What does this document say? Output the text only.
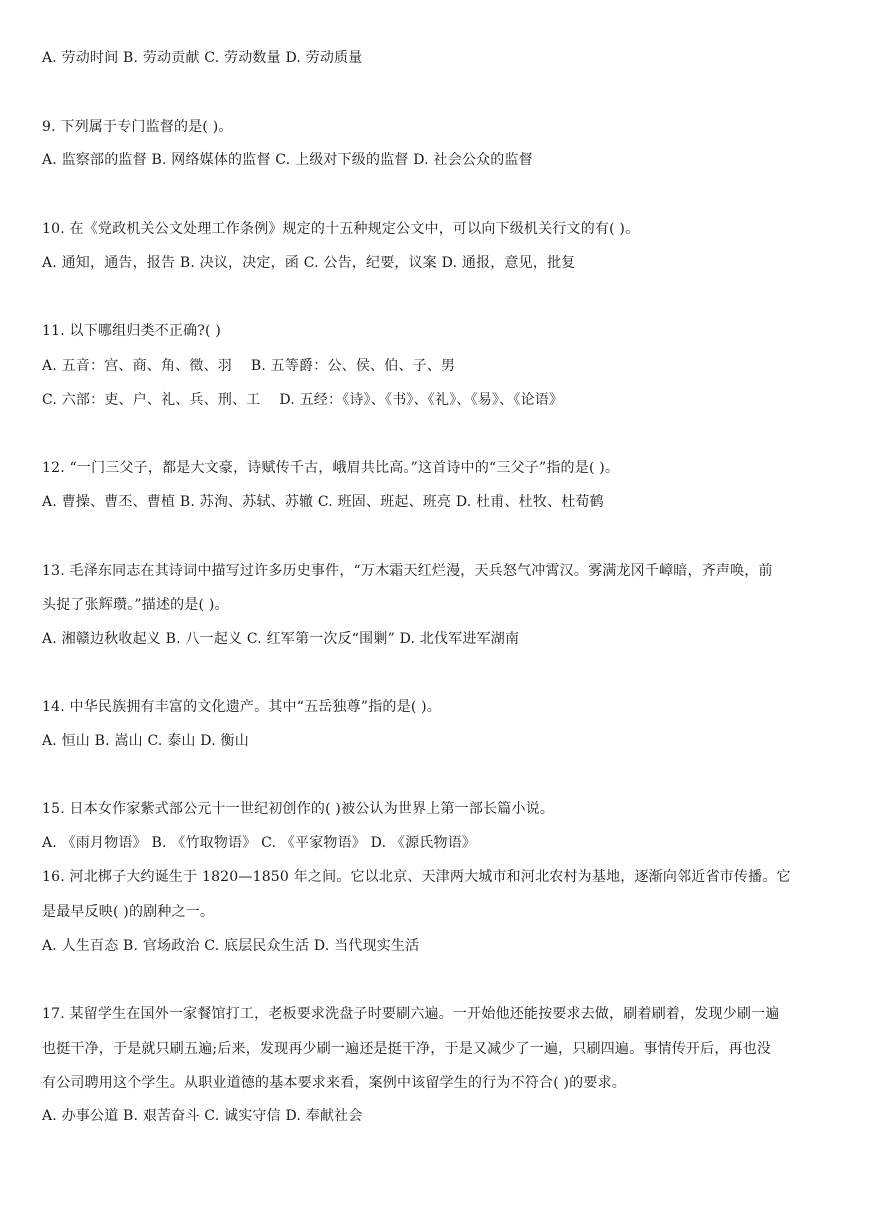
A. 劳动时间 B. 劳动贡献 C. 劳动数量 D. 劳动质量
9. 下列属于专门监督的是( )。
A. 监察部的监督 B. 网络媒体的监督 C. 上级对下级的监督 D. 社会公众的监督
10. 在《党政机关公文处理工作条例》规定的十五种规定公文中，可以向下级机关行文的有( )。
A. 通知，通告，报告 B. 决议，决定，函 C. 公告，纪要，议案 D. 通报，意见，批复
11. 以下哪组归类不正确?( )
A. 五音：宫、商、角、徵、羽　 B. 五等爵：公、侯、伯、子、男
C. 六部：吏、户、礼、兵、刑、工　 D. 五经：《诗》、《书》、《礼》、《易》、《论语》
12. “一门三父子，都是大文豪，诗赋传千古，峨眉共比高。”这首诗中的“三父子”指的是( )。
A. 曹操、曹丕、曹植 B. 苏洵、苏轼、苏辙 C. 班固、班起、班亮 D. 杜甫、杜牧、杜荀鹤
13. 毛泽东同志在其诗词中描写过许多历史事件，“万木霜天红烂漫，天兵怒气冲霄汉。雾满龙冈千嶂暗，齐声唤，前
头捉了张辉瓒。”描述的是( )。
A. 湘赣边秋收起义 B. 八一起义 C. 红军第一次反“围剿” D. 北伐军进军湖南
14. 中华民族拥有丰富的文化遗产。其中“五岳独尊”指的是( )。
A. 恒山 B. 嵩山 C. 泰山 D. 衡山
15. 日本女作家紫式部公元十一世纪初创作的( )被公认为世界上第一部长篇小说。
A. 《雨月物语》 B. 《竹取物语》 C. 《平家物语》 D. 《源氏物语》
16. 河北梆子大约诞生于 1820—1850 年之间。它以北京、天津两大城市和河北农村为基地，逐渐向邻近省市传播。它
是最早反映( )的剧种之一。
A. 人生百态 B. 官场政治 C. 底层民众生活 D. 当代现实生活
17. 某留学生在国外一家餐馆打工，老板要求洗盘子时要刷六遍。一开始他还能按要求去做，刷着刷着，发现少刷一遍
也挺干净，于是就只刷五遍;后来，发现再少刷一遍还是挺干净，于是又减少了一遍，只刷四遍。事情传开后，再也没
有公司聘用这个学生。从职业道德的基本要求来看，案例中该留学生的行为不符合( )的要求。
A. 办事公道 B. 艰苦奋斗 C. 诚实守信 D. 奉献社会
